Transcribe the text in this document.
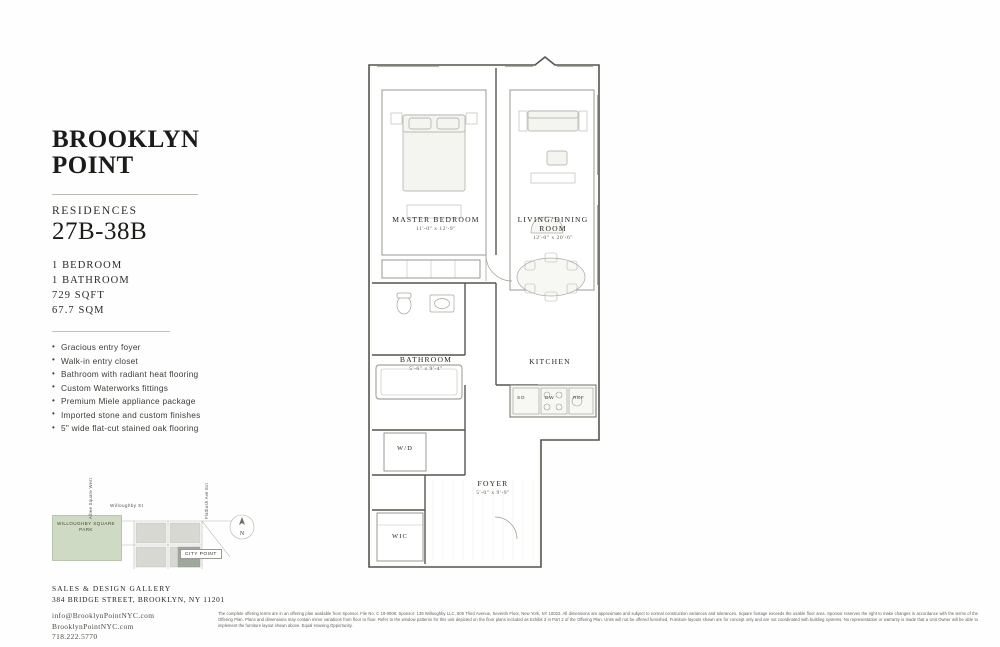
BROOKLYN
POINT
RESIDENCES
27B-38B
1 BEDROOM
1 BATHROOM
729 SQFT
67.7 SQM
• Gracious entry foyer
• Walk-in entry closet
• Bathroom with radiant heat flooring
• Custom Waterworks fittings
• Premium Miele appliance package
• Imported stone and custom finishes
• 5" wide flat-cut stained oak flooring
WILLOUGHBY SQUARE PARK
N
Willoughby St
Albee Square West	Flatbush Ave Ext
CITY POINT
SALES & DESIGN GALLERY
384 BRIDGE STREET, BROOKLYN, NY 11201
info@BrooklynPointNYC.com
BrooklynPointNYC.com
718.222.5770
The complete offering terms are in an offering plan available from Sponsor. File No. C 18-0008. Sponsor: 138 Willoughby LLC, 805 Third Avenue, Seventh Floor, New York, NY 10022. All dimensions are approximate and subject to normal construction variances and tolerances. Square footage exceeds the usable floor area. Sponsor reserves the right to make changes in accordance with the terms of the Offering Plan. Plans and dimensions may contain minor variations from floor to floor. Refer to the window patterns for this unit depicted on the floor plans included as Exhibit 3 in Part 2 of the Offering Plan. Units will not be offered furnished. Furniture layouts shown are for concept only and are not coordinated with building systems. No representation or warranty is made that a Unit Owner will be able to implement the furniture layout shown above. Equal Housing Opportunity.
MASTER BEDROOM
11'-0" x 12'-9"
LIVING/DINING ROOM
12'-0" x 20'-6"
BATHROOM
5'-6" x 9'-4"
KITCHEN
FOYER
5'-0" x 9'-9"
W/D
WIC
SO	DW	REF
